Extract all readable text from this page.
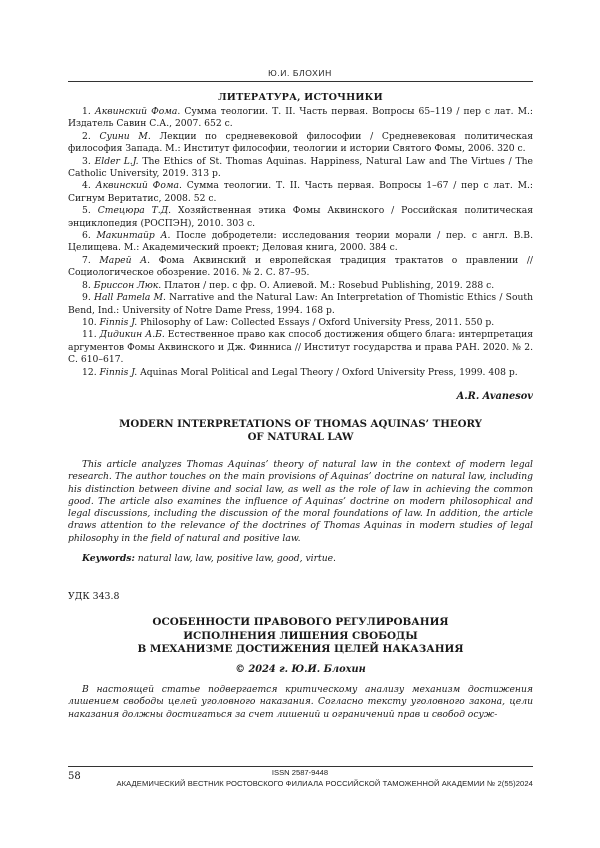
Ю.И. БЛОХИН
ЛИТЕРАТУРА, ИСТОЧНИКИ

1. Аквинский Фома. Сумма теологии. Т. II. Часть первая. Вопросы 65–119 / пер с лат. М.: Издатель Савин С.А., 2007. 652 с.

2. Суини М. Лекции по средневековой философии / Средневековая политическая философия Запада. М.: Институт философии, теологии и истории Святого Фомы, 2006. 320 с.

3. Elder L.J. The Ethics of St. Thomas Aquinas. Happiness, Natural Law and The Virtues / The Catholic University, 2019. 313 p.

4. Аквинский Фома. Сумма теологии. Т. II. Часть первая. Вопросы 1–67 / пер с лат. М.: Сигнум Веритатис, 2008. 52 с.

5. Стецюра Т.Д. Хозяйственная этика Фомы Аквинского / Российская политическая энциклопедия (РОСПЭН), 2010. 303 с.

6. Макинтайр А. После добродетели: исследования теории морали / пер. с англ. В.В. Целищева. М.: Академический проект; Деловая книга, 2000. 384 с.

7. Марей А. Фома Аквинский и европейская традиция трактатов о правлении // Социологическое обозрение. 2016. № 2. С. 87–95.

8. Бриссон Люк. Платон / пер. с фр. О. Алиевой. М.: Rosebud Publishing, 2019. 288 с.

9. Hall Pamela M. Narrative and the Natural Law: An Interpretation of Thomistic Ethics / South Bend, Ind.: University of Notre Dame Press, 1994. 168 p.

10. Finnis J. Philosophy of Law: Collected Essays / Oxford University Press, 2011. 550 p.

11. Дидикин А.Б. Естественное право как способ достижения общего блага: интерпретация аргументов Фомы Аквинского и Дж. Финниса // Институт государства и права РАН. 2020. № 2. С. 610–617.

12. Finnis J. Aquinas Moral Political and Legal Theory / Oxford University Press, 1999. 408 p.

A.R. Avanesov
MODERN INTERPRETATIONS OF THOMAS AQUINAS’ THEORY
OF NATURAL LAW

This article analyzes Thomas Aquinas’ theory of natural law in the context of modern legal research. The author touches on the main provisions of Aquinas’ doctrine on natural law, including his distinction between divine and social law, as well as the role of law in achieving the common good. The article also examines the influence of Aquinas’ doctrine on modern philosophical and legal discussions, including the discussion of the moral foundations of law. In addition, the article draws attention to the relevance of the doctrines of Thomas Aquinas in modern studies of legal philosophy in the field of natural and positive law.

Keywords: natural law, law, positive law, good, virtue.
УДК 343.8
ОСОБЕННОСТИ ПРАВОВОГО РЕГУЛИРОВАНИЯ
ИСПОЛНЕНИЯ ЛИШЕНИЯ СВОБОДЫ
В МЕХАНИЗМЕ ДОСТИЖЕНИЯ ЦЕЛЕЙ НАКАЗАНИЯ
© 2024 г. Ю.И. Блохин

В настоящей статье подвергается критическому анализу механизм достижения лишением свободы целей уголовного наказания. Согласно тексту уголовного закона, цели наказания должны достигаться за счет лишений и ограничений прав и свобод осуж-

58	ISSN 2587-9448
АКАДЕМИЧЕСКИЙ ВЕСТНИК РОСТОВСКОГО ФИЛИАЛА РОССИЙСКОЙ ТАМОЖЕННОЙ АКАДЕМИИ № 2(55)2024
